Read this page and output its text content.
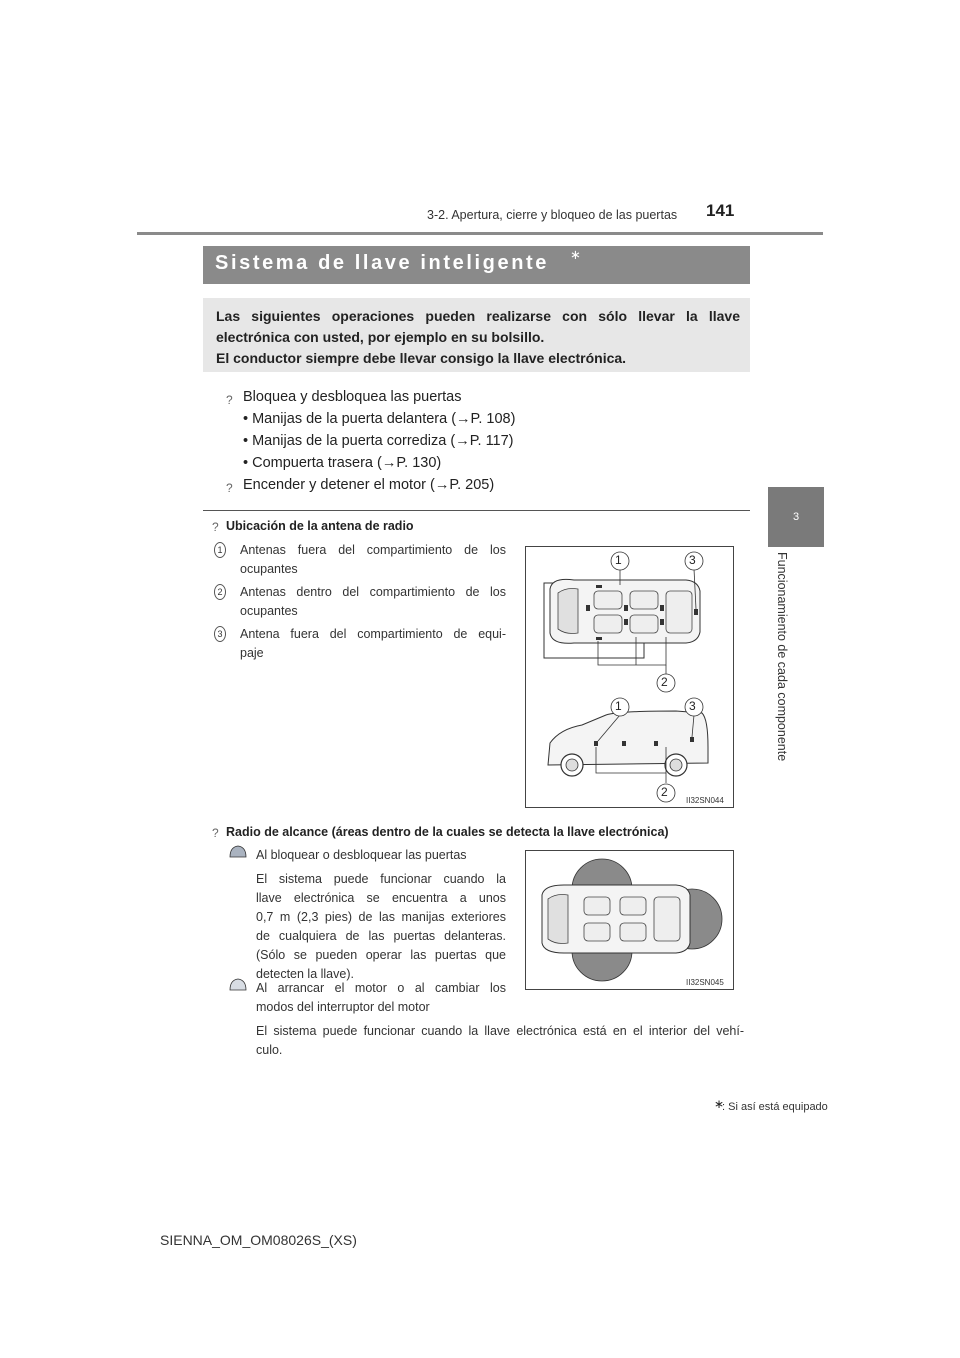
3-2. Apertura, cierre y bloqueo de las puertas 141
3
Funcionamiento de cada componente
Sistema de llave inteligente ∗

Las siguientes operaciones pueden realizarse con sólo llevar la llave

electrónica con usted, por ejemplo en su bolsillo.

El conductor siempre debe llevar consigo la llave electrónica.

? Bloquea y desbloquea las puertas
• Manijas de la puerta delantera (→P. 108)
• Manijas de la puerta corrediza (→P. 117)
• Compuerta trasera (→P. 130)
? Encender y detener el motor (→P. 205)
? Ubicación de la antena de radio
1 Antenas fuera del compartimiento de los
ocupantes
2 Antenas dentro del compartimiento de los
ocupantes
3 Antena fuera del compartimiento de equi-
paje
1	3
2
1	3
2
II32SN044
? Radio de alcance (áreas dentro de la cuales se detecta la llave electrónica)
Al bloquear o desbloquear las puertas
El sistema puede funcionar cuando la
llave electrónica se encuentra a unos
0,7 m (2,3 pies) de las manijas exteriores
de cualquiera de las puertas delanteras.
(Sólo se pueden operar las puertas que
detecten la llave).
Al arrancar el motor o al cambiar los
modos del interruptor del motor
El sistema puede funcionar cuando la llave electrónica está en el interior del vehí-
culo.
II32SN045
∗
: Si así está equipado
SIENNA_OM_OM08026S_(XS)
